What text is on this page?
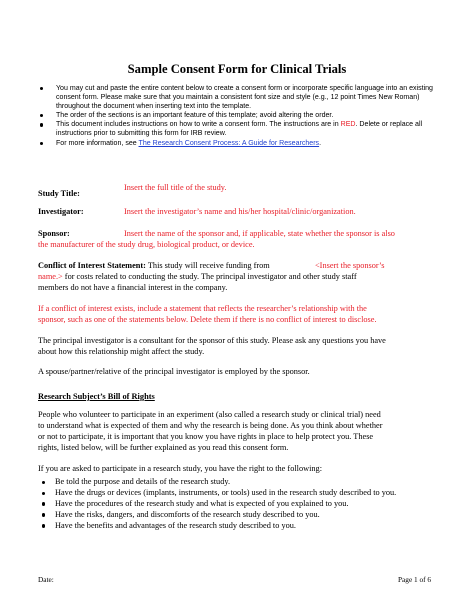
Sample Consent Form for Clinical Trials
You may cut and paste the entire content below to create a consent form or incorporate specific language into an existing consent form. Please make sure that you maintain a consistent font size and style (e.g., 12 point Times New Roman) throughout the document when inserting text into the template.
The order of the sections is an important feature of this template; avoid altering the order.
This document includes instructions on how to write a consent form. The instructions are in RED. Delete or replace all instructions prior to submitting this form for IRB review.
For more information, see The Research Consent Process: A Guide for Researchers.
Study Title:
Insert the full title of the study.
Investigator:	Insert the investigator’s name and his/her hospital/clinic/organization.
Sponsor:	Insert the name of the sponsor and, if applicable, state whether the sponsor is also
the manufacturer of the study drug, biological product, or device.
Conflict of Interest Statement: This study will receive funding from	<Insert the sponsor’s
name.> for costs related to conducting the study. The principal investigator and other study staff
members do not have a financial interest in the company.
If a conflict of interest exists, include a statement that reflects the researcher’s relationship with the
sponsor, such as one of the statements below. Delete them if there is no conflict of interest to disclose.
The principal investigator is a consultant for the sponsor of this study. Please ask any questions you have
about how this relationship might affect the study.
A spouse/partner/relative of the principal investigator is employed by the sponsor.
Research Subject’s Bill of Rights
People who volunteer to participate in an experiment (also called a research study or clinical trial) need
to understand what is expected of them and why the research is being done. As you think about whether
or not to participate, it is important that you know you have rights in place to help protect you. These
rights, listed below, will be further explained as you read this consent form.
If you are asked to participate in a research study, you have the right to the following:
Be told the purpose and details of the research study.
Have the drugs or devices (implants, instruments, or tools) used in the research study described to you.
Have the procedures of the research study and what is expected of you explained to you.
Have the risks, dangers, and discomforts of the research study described to you.
Have the benefits and advantages of the research study described to you.
Date:	Page 1 of 6
